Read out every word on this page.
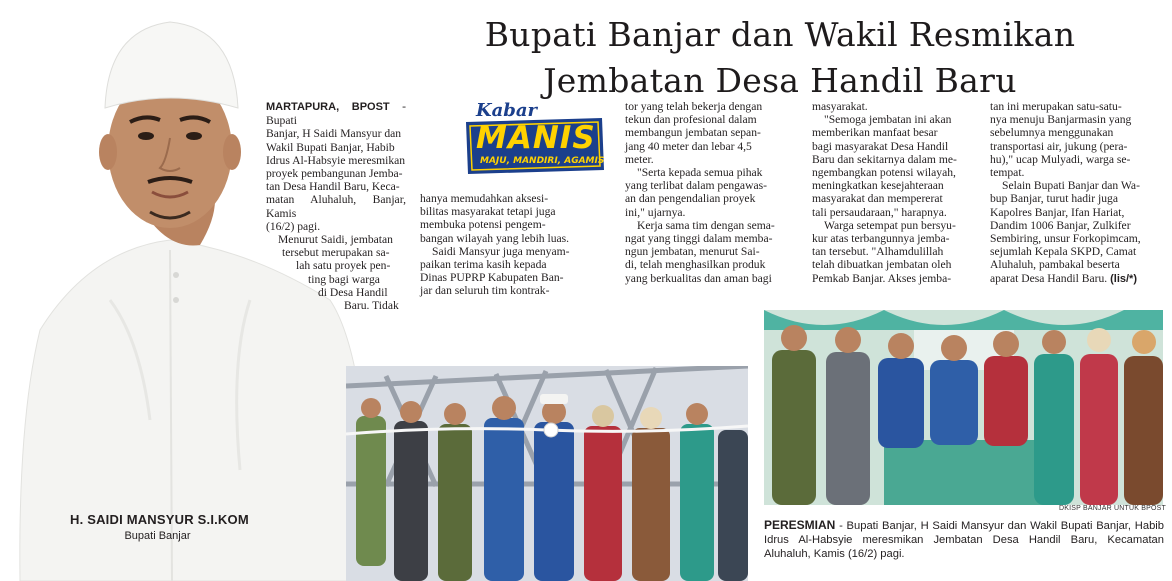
H. SAIDI MANSYUR S.I.KOM
Bupati Banjar
Bupati Banjar dan Wakil Resmikan
Jembatan Desa Handil Baru

MARTAPURA, BPOST - Bupati

Banjar, H Saidi Mansyur dan
Wakil Bupati Banjar, Habib
Idrus Al-Habsyie meresmikan
proyek pembangunan Jemba-
tan Desa Handil Baru, Keca-
matan Aluhaluh, Banjar, Kamis
(16/2) pagi.
Menurut Saidi, jembatan
tersebut merupakan sa-
lah satu proyek pen-
ting bagi warga
di Desa Handil
Baru. Tidak
Kabar
MANIS
MAJU, MANDIRI, AGAMIS
hanya memudahkan aksesi-
bilitas masyarakat tetapi juga
membuka potensi pengem-
bangan wilayah yang lebih luas.
Saidi Mansyur juga menyam-
paikan terima kasih kepada
Dinas PUPRP Kabupaten Ban-
jar dan seluruh tim kontrak-
tor yang telah bekerja dengan
tekun dan profesional dalam
membangun jembatan sepan-
jang 40 meter dan lebar 4,5
meter.
"Serta kepada semua pihak
yang terlibat dalam pengawas-
an dan pengendalian proyek
ini," ujarnya.
Kerja sama tim dengan sema-
ngat yang tinggi dalam memba-
ngun jembatan, menurut Sai-
di, telah menghasilkan produk
yang berkualitas dan aman bagi
masyarakat.
"Semoga jembatan ini akan
memberikan manfaat besar
bagi masyarakat Desa Handil
Baru dan sekitarnya dalam me-
ngembangkan potensi wilayah,
meningkatkan kesejahteraan
masyarakat dan mempererat
tali persaudaraan," harapnya.
Warga setempat pun bersyu-
kur atas terbangunnya jemba-
tan tersebut. "Alhamdulillah
telah dibuatkan jembatan oleh
Pemkab Banjar. Akses jemba-
tan ini merupakan satu-satu-
nya menuju Banjarmasin yang
sebelumnya menggunakan
transportasi air, jukung (pera-
hu)," ucap Mulyadi, warga se-
tempat.
Selain Bupati Banjar dan Wa-
bup Banjar, turut hadir juga
Kapolres Banjar, Ifan Hariat,
Dandim 1006 Banjar, Zulkifer
Sembiring, unsur Forkopimcam,
sejumlah Kepala SKPD, Camat
Aluhaluh, pambakal beserta
aparat Desa Handil Baru. (lis/*)
DKISP BANJAR UNTUK BPOST
PERESMIAN - Bupati Banjar, H Saidi Mansyur dan Wakil Bupati Banjar, Habib Idrus Al-Habsyie meresmikan Jembatan Desa Handil Baru, Kecamatan Aluhaluh, Kamis (16/2) pagi.
